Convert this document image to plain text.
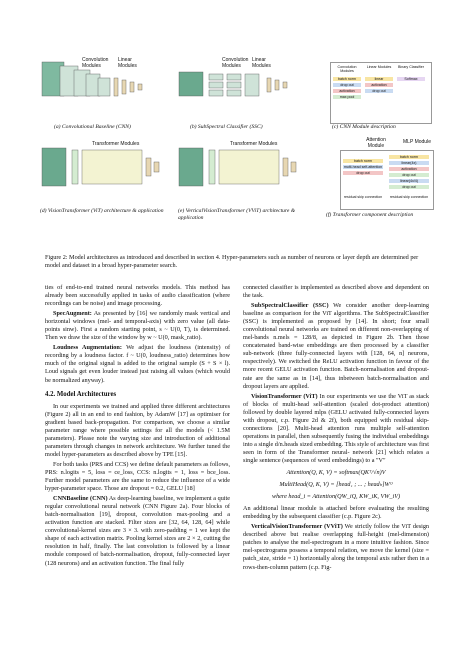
Convolution Modules
Linear Modules
(a) Convolutional Baseline (CNN)
Convolution Modules
Linear Modules
(b) SubSpectral Classifier (SSC)
Convolution Modules
Linear Modules	Binary Classifier
batch norm
drop out
activation
max pool
linear
activation
drop out
Softmax
(c) CNN Module description
Transformer Modules
(d) VisionTransformer (ViT) architecture & application
Transformer Modules
(e) VerticalVisionTransformer (VViT) architecture & application
Attention Module
MLP Module
batch norm
multi-head self-attention
drop out
batch norm
linear(4x)
activation
drop out
linear(4x/4)
drop out
residual skip connection residual skip connection
(f) Transformer component description
Figure 2: Model architectures as introduced and described in section 4. Hyper-parameters such as number of neurons or layer depth are determined per model and dataset in a broad hyper-parameter search.

ties of end-to-end trained neural networks models. This method has already been successfully applied in tasks of audio classification (where recordings can be noise) and image processing.

SpecAugment: As presented by [16] we randomly mask vertical and horizontal windows (mel- and temporal-axis) with zero value (all data-points sinw). First a random starting point, s ~ U(0, T), is determined. Then we draw the size of the window by w ~ U(0, mask_ratio).

Loudness Augmentation: We adjust the loudness (intensity) of recording by a loudness factor. f ~ U(0, loudness_ratio) determines how much of the original signal is added to the original sample (S + S × l). Loud signals get even louder instead just raising all values (which would be normalized anyway).

4.2. Model Architectures

In our experiments we trained and applied three different architectures (Figure 2) all in an end to end fashion, by AdamW [17] as optimiser for gradient based back-propagation. For comparison, we choose a similar parameter range where possible settings for all the models (< 1.5M parameters). Please note the varying size and introduction of additional parameters through changes in network architecture. We further tuned the model hyper-parameters as described above by TPE [15].

For both tasks (PRS and CCS) we define default parameters as follows, PRS: n.logits = 5, loss = ce_loss, CCS: n.logits = 1, loss = bce_loss. Further model parameters are the same to reduce the influence of a wide hyper-parameter space. Those are dropout = 0.2, GELU [18]

CNNBaseline (CNN) As deep-learning baseline, we implement a quite regular convolutional neural network (CNN Figure 2a). Four blocks of batch-normalisation [19], dropout, convolution max-pooling and a activation function are stacked. Filter sizes are [32, 64, 128, 64] while convolutional-kernel sizes are 3 × 3. with zero-padding = 1 we kept the shape of each activation matrix. Pooling kernel sizes are 2 × 2, cutting the resolution in half, finally. The last convolution is followed by a linear module composed of batch-normalisation, dropout, fully-connected layer (128 neurons) and an activation function. The final fully

connected classifier is implemented as described above and dependent on the task.

SubSpectralClassifier (SSC) We consider another deep-learning baseline as comparison for the ViT algorithms. The SubSpectralClassifier (SSC) is implemented as proposed by [14]. In short; four small convolutional neural networks are trained on different non-overlapping of mel-bands n.mels = 128/8, as depicted in Figure 2b. Then those concatenated band-wise embeddings are then processed by a classifier sub-network (three fully-connected layers with [128, 64, n] neurons, respectively). We switched the ReLU activation function in favour of the more recent GELU activation function. Batch-normalisation and dropout-rate are the same as in [14], thus inbetween batch-normalisation and dropout layers are applied.

VisionTransformer (ViT) In our experiments we use the ViT as stack of blocks of multi-head self-attention (scaled dot-product attention) followed by double layered mlps (GELU activated fully-connected layers with dropout, c.p. Figure 2d & 2f), both equipped with residual skip-connections [20]. Multi-head attention runs multiple self-attention operations in parallel, then subsequently fusing the individual embeddings into a single d/n.heads sized embedding. This style of architecture was first seen in form of the Transformer neural- network [21] which relates a single sentence (sequences of word embeddings) to a "V"

Attention(Q, K, V) = softmax(QKᵀ/√n)V
MultiHead(Q, K, V) = [head₁ ; ... ; headₕ]Wᴼ
where head_i = Attention(QW_iQ, KW_iK, VW_iV)

An additional linear module is attached before evaluating the resulting embedding by the subsequent classifier (c.p. Figure 2c).

VerticalVisionTransformer (VViT) We strictly follow the ViT design described above but realise overlapping full-height (mel-dimension) patches to analyse the mel-spectrogram in a more intuitive fashion. Since mel-spectrograms possess a temporal relation, we move the kernel (size = patch_size, stride = 1) horizontally along the temporal axis rather then in a rows-then-column pattern (c.p. Fig-
